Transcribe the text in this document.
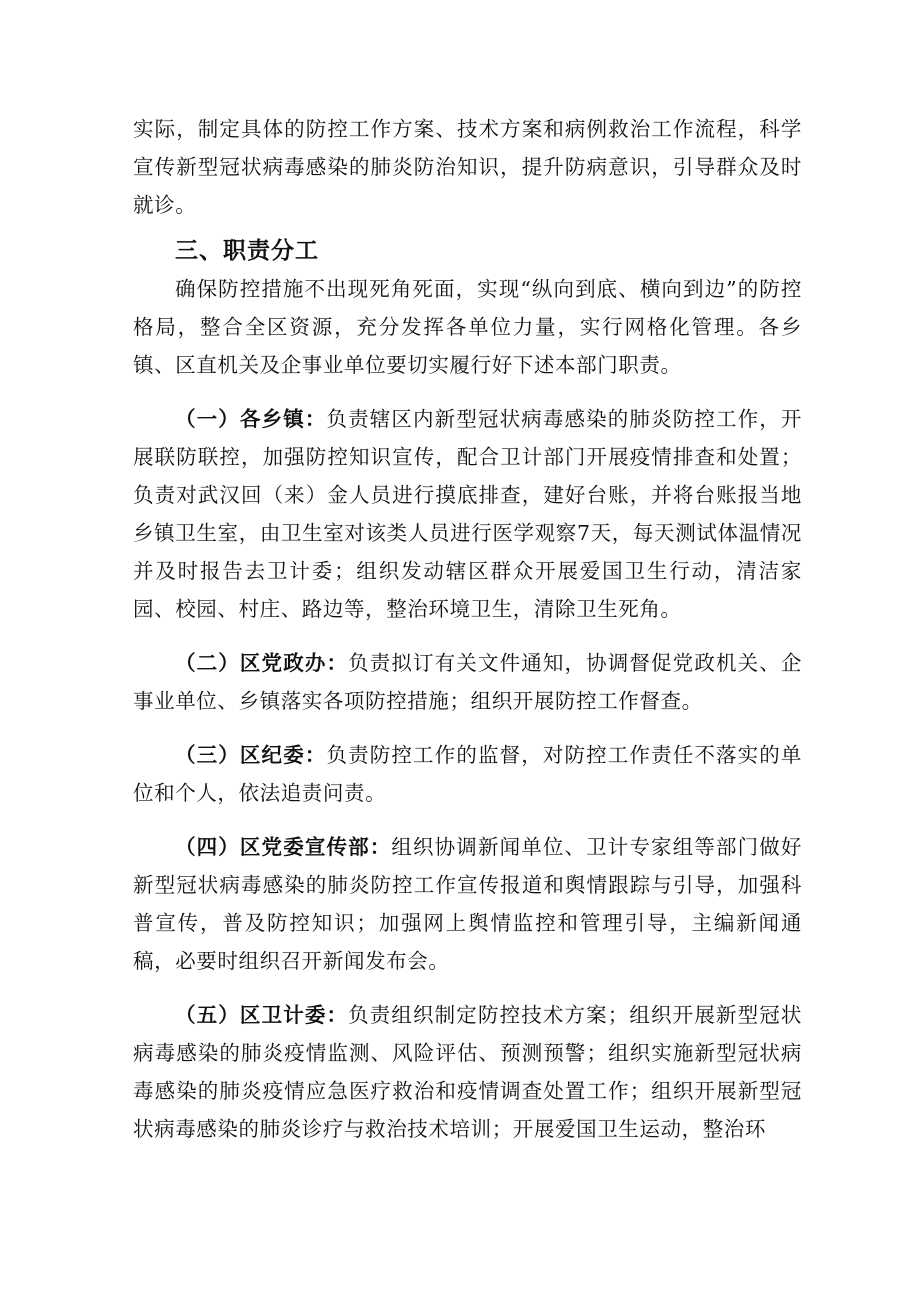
实际，制定具体的防控工作方案、技术方案和病例救治工作流程，科学宣传新型冠状病毒感染的肺炎防治知识，提升防病意识，引导群众及时就诊。

三、职责分工

确保防控措施不出现死角死面，实现“纵向到底、横向到边”的防控格局，整合全区资源，充分发挥各单位力量，实行网格化管理。各乡镇、区直机关及企事业单位要切实履行好下述本部门职责。

（一）各乡镇：负责辖区内新型冠状病毒感染的肺炎防控工作，开展联防联控，加强防控知识宣传，配合卫计部门开展疫情排查和处置；负责对武汉回（来）金人员进行摸底排查，建好台账，并将台账报当地乡镇卫生室，由卫生室对该类人员进行医学观察7天，每天测试体温情况并及时报告去卫计委；组织发动辖区群众开展爱国卫生行动，清洁家园、校园、村庄、路边等，整治环境卫生，清除卫生死角。

（二）区党政办：负责拟订有关文件通知，协调督促党政机关、企事业单位、乡镇落实各项防控措施；组织开展防控工作督查。

（三）区纪委：负责防控工作的监督，对防控工作责任不落实的单位和个人，依法追责问责。

（四）区党委宣传部：组织协调新闻单位、卫计专家组等部门做好新型冠状病毒感染的肺炎防控工作宣传报道和舆情跟踪与引导，加强科普宣传，普及防控知识；加强网上舆情监控和管理引导，主编新闻通稿，必要时组织召开新闻发布会。

（五）区卫计委：负责组织制定防控技术方案；组织开展新型冠状病毒感染的肺炎疫情监测、风险评估、预测预警；组织实施新型冠状病毒感染的肺炎疫情应急医疗救治和疫情调查处置工作；组织开展新型冠状病毒感染的肺炎诊疗与救治技术培训；开展爱国卫生运动，整治环
